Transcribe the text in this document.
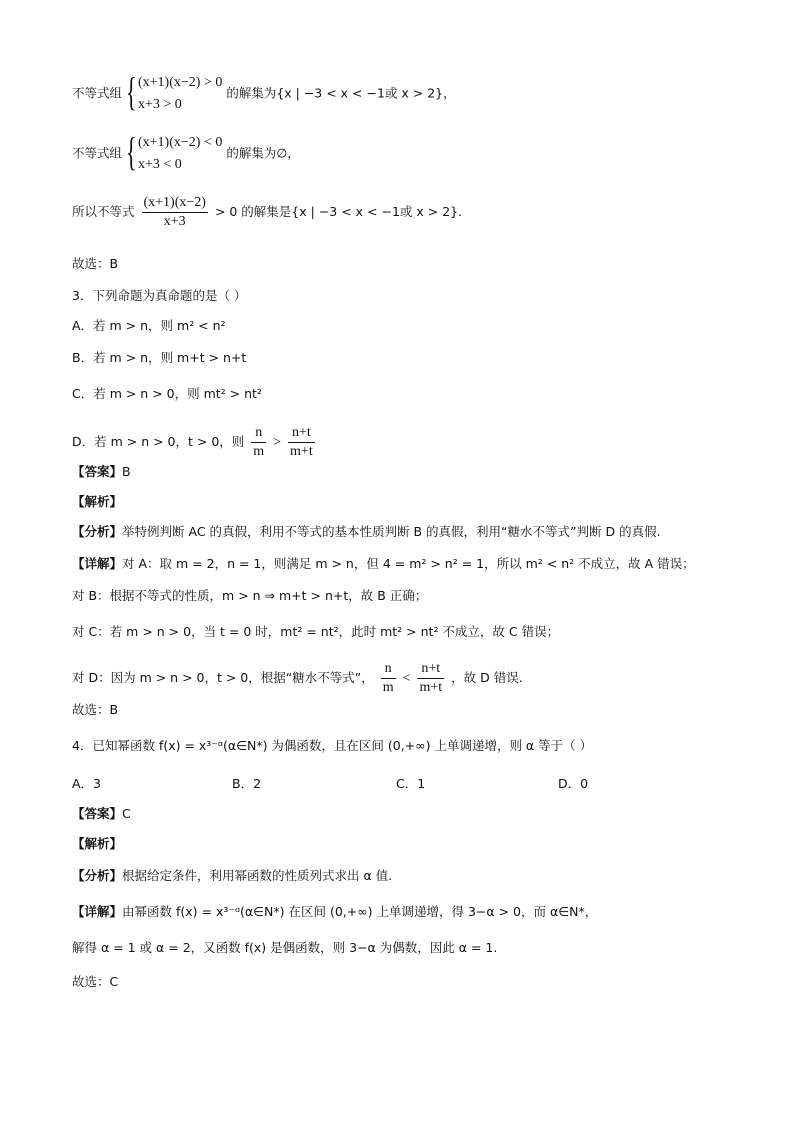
不等式组 { (x+1)(x−2) > 0
x+3 > 0
的解集为{x | −3 < x < −1或 x > 2}，
不等式组 { (x+1)(x−2) < 0
x+3 < 0
的解集为∅，
所以不等式 $\frac{(x+1)(x-2)}{x+3} > 0$ 的解集是{x | −3 < x < −1或 x > 2}.
故选：B
3．下列命题为真命题的是（ ）
A．若 m > n，则 m² < n²
B．若 m > n，则 m+t > n+t
C．若 m > n > 0，则 mt² > nt²
D．若 m > n > 0，t > 0，则 $\frac{n}{m} > \frac{n+t}{m+t}$
【答案】B
【解析】
【分析】举特例判断 AC 的真假，利用不等式的基本性质判断 B 的真假，利用“糖水不等式”判断 D 的真假.
【详解】对 A：取 m = 2，n = 1，则满足 m > n，但 4 = m² > n² = 1，所以 m² < n² 不成立，故 A 错误；
对 B：根据不等式的性质，m > n ⇒ m+t > n+t，故 B 正确；
对 C：若 m > n > 0，当 t = 0 时，mt² = nt²，此时 mt² > nt² 不成立，故 C 错误；
对 D：因为 m > n > 0，t > 0，根据“糖水不等式”， $\frac{n}{m} < \frac{n+t}{m+t}$ ，故 D 错误.
故选：B
4．已知幂函数 f(x) = x³⁻ᵅ(α∈N*) 为偶函数，且在区间 (0,+∞) 上单调递增，则 α 等于（ ）
A．3	B．2	C．1	D．0
【答案】C
【解析】
【分析】根据给定条件，利用幂函数的性质列式求出 α 值.
【详解】由幂函数 f(x) = x³⁻ᵅ(α∈N*) 在区间 (0,+∞) 上单调递增，得 3−α > 0，而 α∈N*，
解得 α = 1 或 α = 2，又函数 f(x) 是偶函数，则 3−α 为偶数，因此 α = 1.
故选：C
